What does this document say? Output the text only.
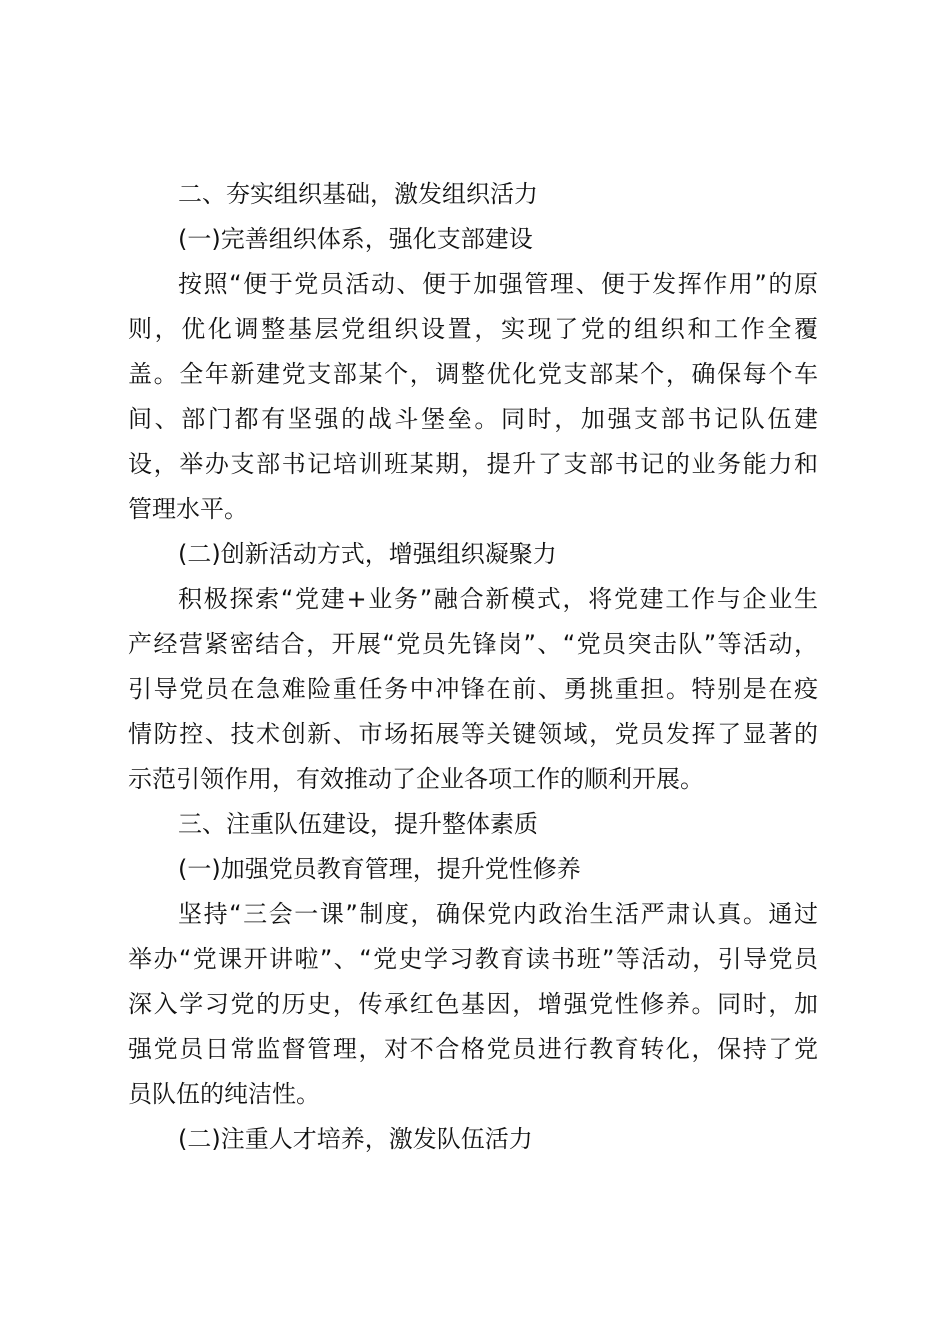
二、夯实组织基础，激发组织活力
(一)完善组织体系，强化支部建设
按照“便于党员活动、便于加强管理、便于发挥作用”的原
则，优化调整基层党组织设置，实现了党的组织和工作全覆
盖。全年新建党支部某个，调整优化党支部某个，确保每个车
间、部门都有坚强的战斗堡垒。同时，加强支部书记队伍建
设，举办支部书记培训班某期，提升了支部书记的业务能力和
管理水平。
(二)创新活动方式，增强组织凝聚力
积极探索“党建+业务”融合新模式，将党建工作与企业生
产经营紧密结合，开展“党员先锋岗”、“党员突击队”等活动，
引导党员在急难险重任务中冲锋在前、勇挑重担。特别是在疫
情防控、技术创新、市场拓展等关键领域，党员发挥了显著的
示范引领作用，有效推动了企业各项工作的顺利开展。
三、注重队伍建设，提升整体素质
(一)加强党员教育管理，提升党性修养
坚持“三会一课”制度，确保党内政治生活严肃认真。通过
举办“党课开讲啦”、“党史学习教育读书班”等活动，引导党员
深入学习党的历史，传承红色基因，增强党性修养。同时，加
强党员日常监督管理，对不合格党员进行教育转化，保持了党
员队伍的纯洁性。
(二)注重人才培养，激发队伍活力
